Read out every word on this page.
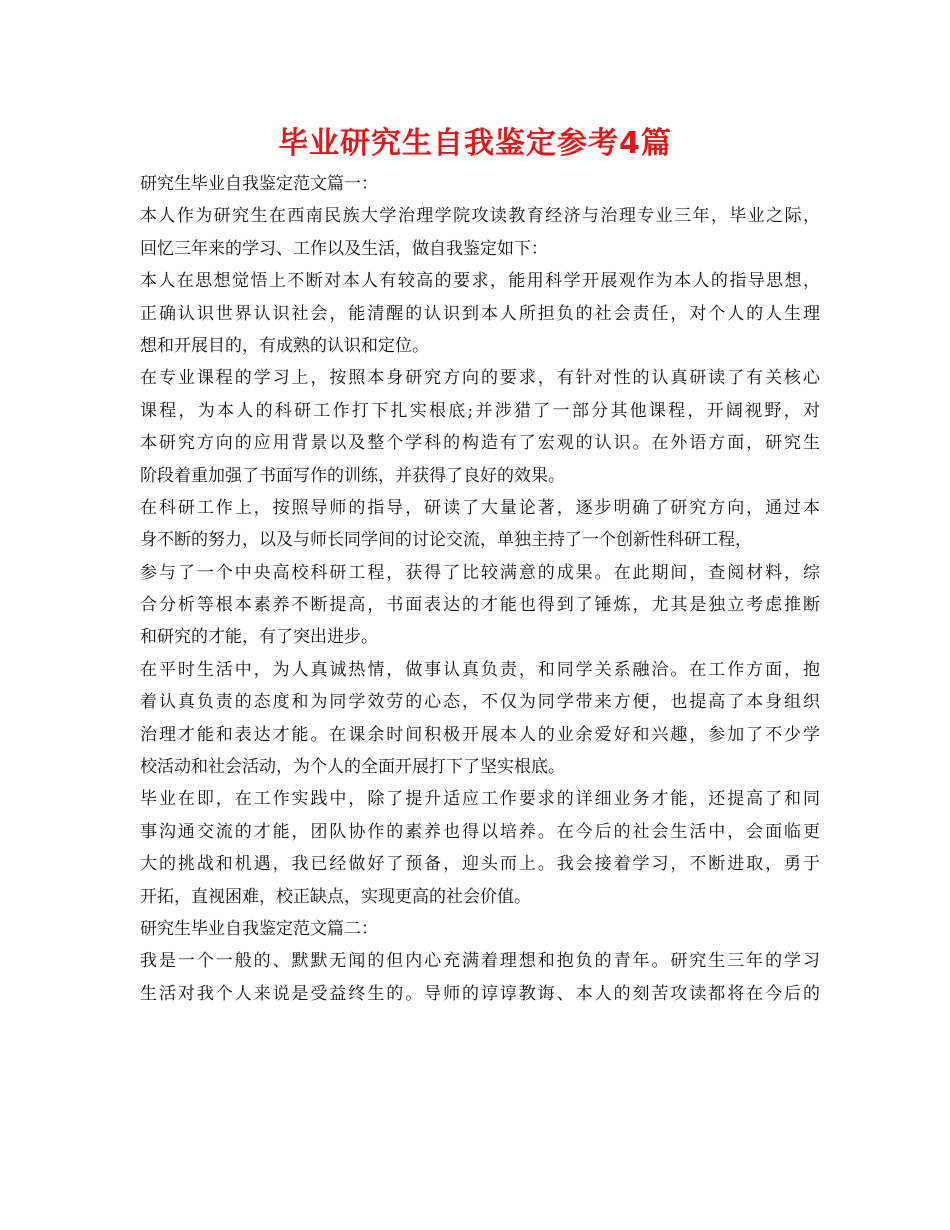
毕业研究生自我鉴定参考4篇
研究生毕业自我鉴定范文篇一：
本人作为研究生在西南民族大学治理学院攻读教育经济与治理专业三年，毕业之际，
回忆三年来的学习、工作以及生活，做自我鉴定如下：
本人在思想觉悟上不断对本人有较高的要求，能用科学开展观作为本人的指导思想，
正确认识世界认识社会，能清醒的认识到本人所担负的社会责任，对个人的人生理
想和开展目的，有成熟的认识和定位。
在专业课程的学习上，按照本身研究方向的要求，有针对性的认真研读了有关核心
课程，为本人的科研工作打下扎实根底;并涉猎了一部分其他课程，开阔视野，对
本研究方向的应用背景以及整个学科的构造有了宏观的认识。在外语方面，研究生
阶段着重加强了书面写作的训练，并获得了良好的效果。
在科研工作上，按照导师的指导，研读了大量论著，逐步明确了研究方向，通过本
身不断的努力，以及与师长同学间的讨论交流，单独主持了一个创新性科研工程，
参与了一个中央高校科研工程，获得了比较满意的成果。在此期间，查阅材料，综
合分析等根本素养不断提高，书面表达的才能也得到了锤炼，尤其是独立考虑推断
和研究的才能，有了突出进步。
在平时生活中，为人真诚热情，做事认真负责，和同学关系融洽。在工作方面，抱
着认真负责的态度和为同学效劳的心态，不仅为同学带来方便，也提高了本身组织
治理才能和表达才能。在课余时间积极开展本人的业余爱好和兴趣，参加了不少学
校活动和社会活动，为个人的全面开展打下了坚实根底。
毕业在即，在工作实践中，除了提升适应工作要求的详细业务才能，还提高了和同
事沟通交流的才能，团队协作的素养也得以培养。在今后的社会生活中，会面临更
大的挑战和机遇，我已经做好了预备，迎头而上。我会接着学习，不断进取，勇于
开拓，直视困难，校正缺点，实现更高的社会价值。
研究生毕业自我鉴定范文篇二：
我是一个一般的、默默无闻的但内心充满着理想和抱负的青年。研究生三年的学习
生活对我个人来说是受益终生的。导师的谆谆教诲、本人的刻苦攻读都将在今后的
